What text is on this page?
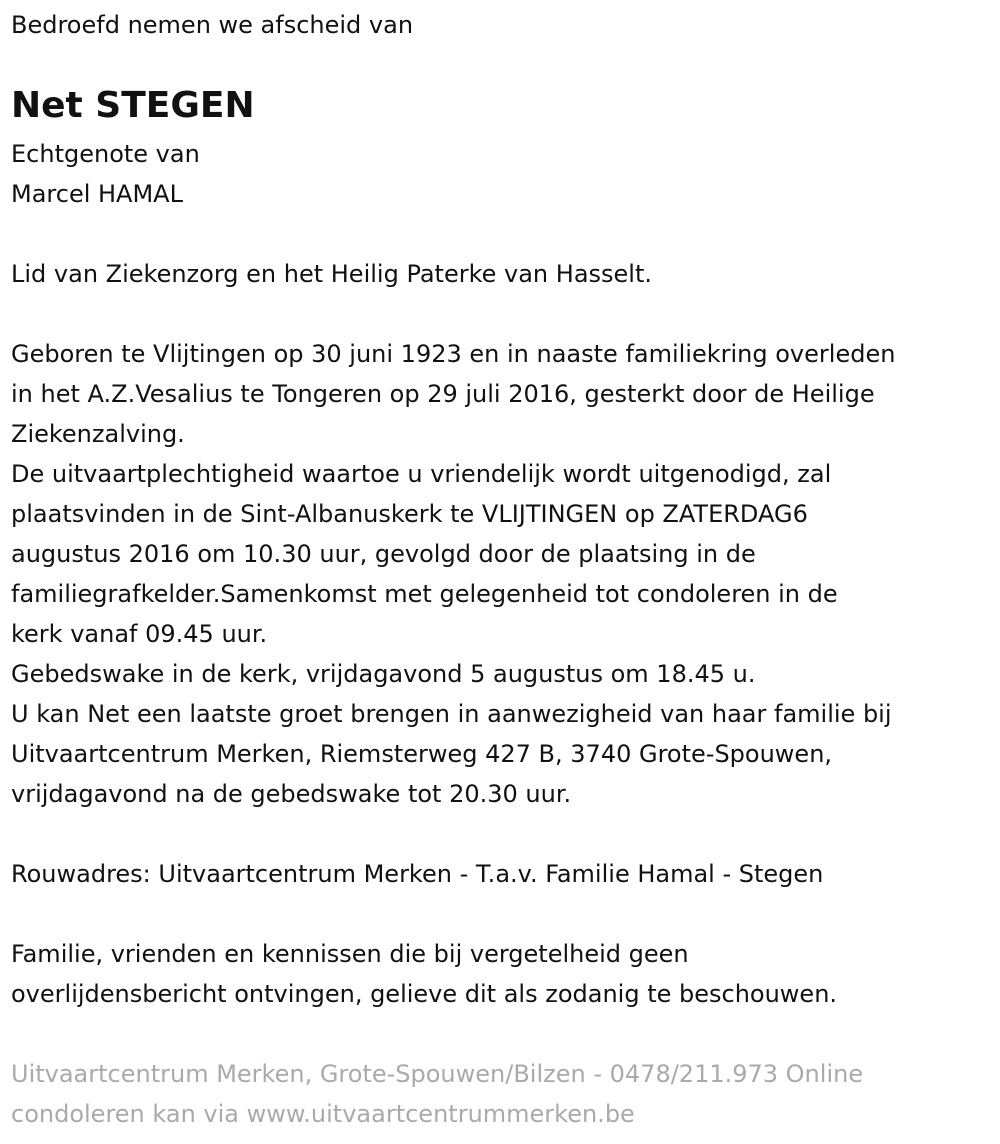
Bedroefd nemen we afscheid van

Net STEGEN

Echtgenote van

Marcel HAMAL

Lid van Ziekenzorg en het Heilig Paterke van Hasselt.

Geboren te Vlijtingen op 30 juni 1923 en in naaste familiekring overleden

in het A.Z.Vesalius te Tongeren op 29 juli 2016, gesterkt door de Heilige

Ziekenzalving.

De uitvaartplechtigheid waartoe u vriendelijk wordt uitgenodigd, zal

plaatsvinden in de Sint-Albanuskerk te VLIJTINGEN op ZATERDAG6

augustus 2016 om 10.30 uur, gevolgd door de plaatsing in de

familiegrafkelder.Samenkomst met gelegenheid tot condoleren in de

kerk vanaf 09.45 uur.

Gebedswake in de kerk, vrijdagavond 5 augustus om 18.45 u.

U kan Net een laatste groet brengen in aanwezigheid van haar familie bij

Uitvaartcentrum Merken, Riemsterweg 427 B, 3740 Grote-Spouwen,

vrijdagavond na de gebedswake tot 20.30 uur.

Rouwadres: Uitvaartcentrum Merken - T.a.v. Familie Hamal - Stegen

Familie, vrienden en kennissen die bij vergetelheid geen

overlijdensbericht ontvingen, gelieve dit als zodanig te beschouwen.

Uitvaartcentrum Merken, Grote-Spouwen/Bilzen - 0478/211.973 Online

condoleren kan via www.uitvaartcentrummerken.be
